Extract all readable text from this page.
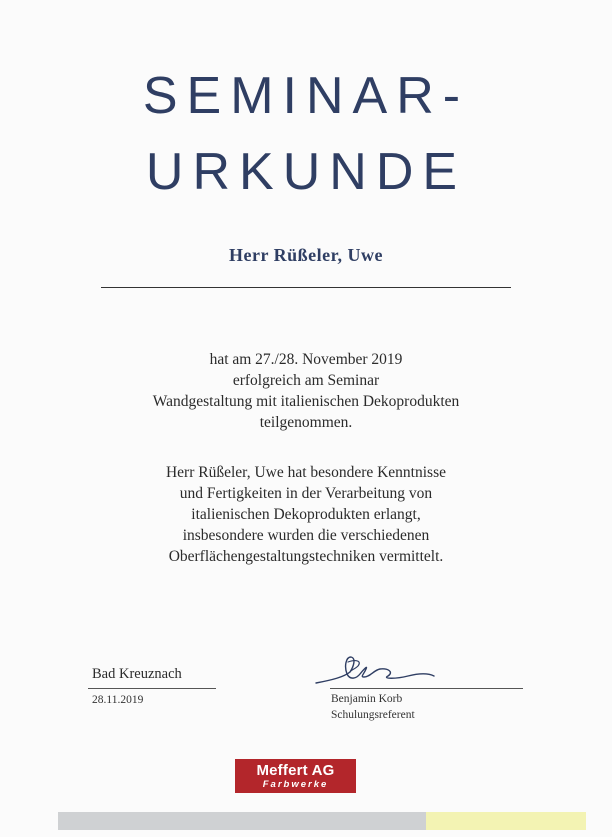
SEMINAR-
URKUNDE
Herr Rüßeler, Uwe
hat am 27./28. November 2019
erfolgreich am Seminar
Wandgestaltung mit italienischen Dekoprodukten
teilgenommen.
Herr Rüßeler, Uwe hat besondere Kenntnisse
und Fertigkeiten in der Verarbeitung von
italienischen Dekoprodukten erlangt,
insbesondere wurden die verschiedenen
Oberflächengestaltungstechniken vermittelt.
Bad Kreuznach
28.11.2019	Benjamin Korb
Schulungsreferent
Meffert AG
Farbwerke
